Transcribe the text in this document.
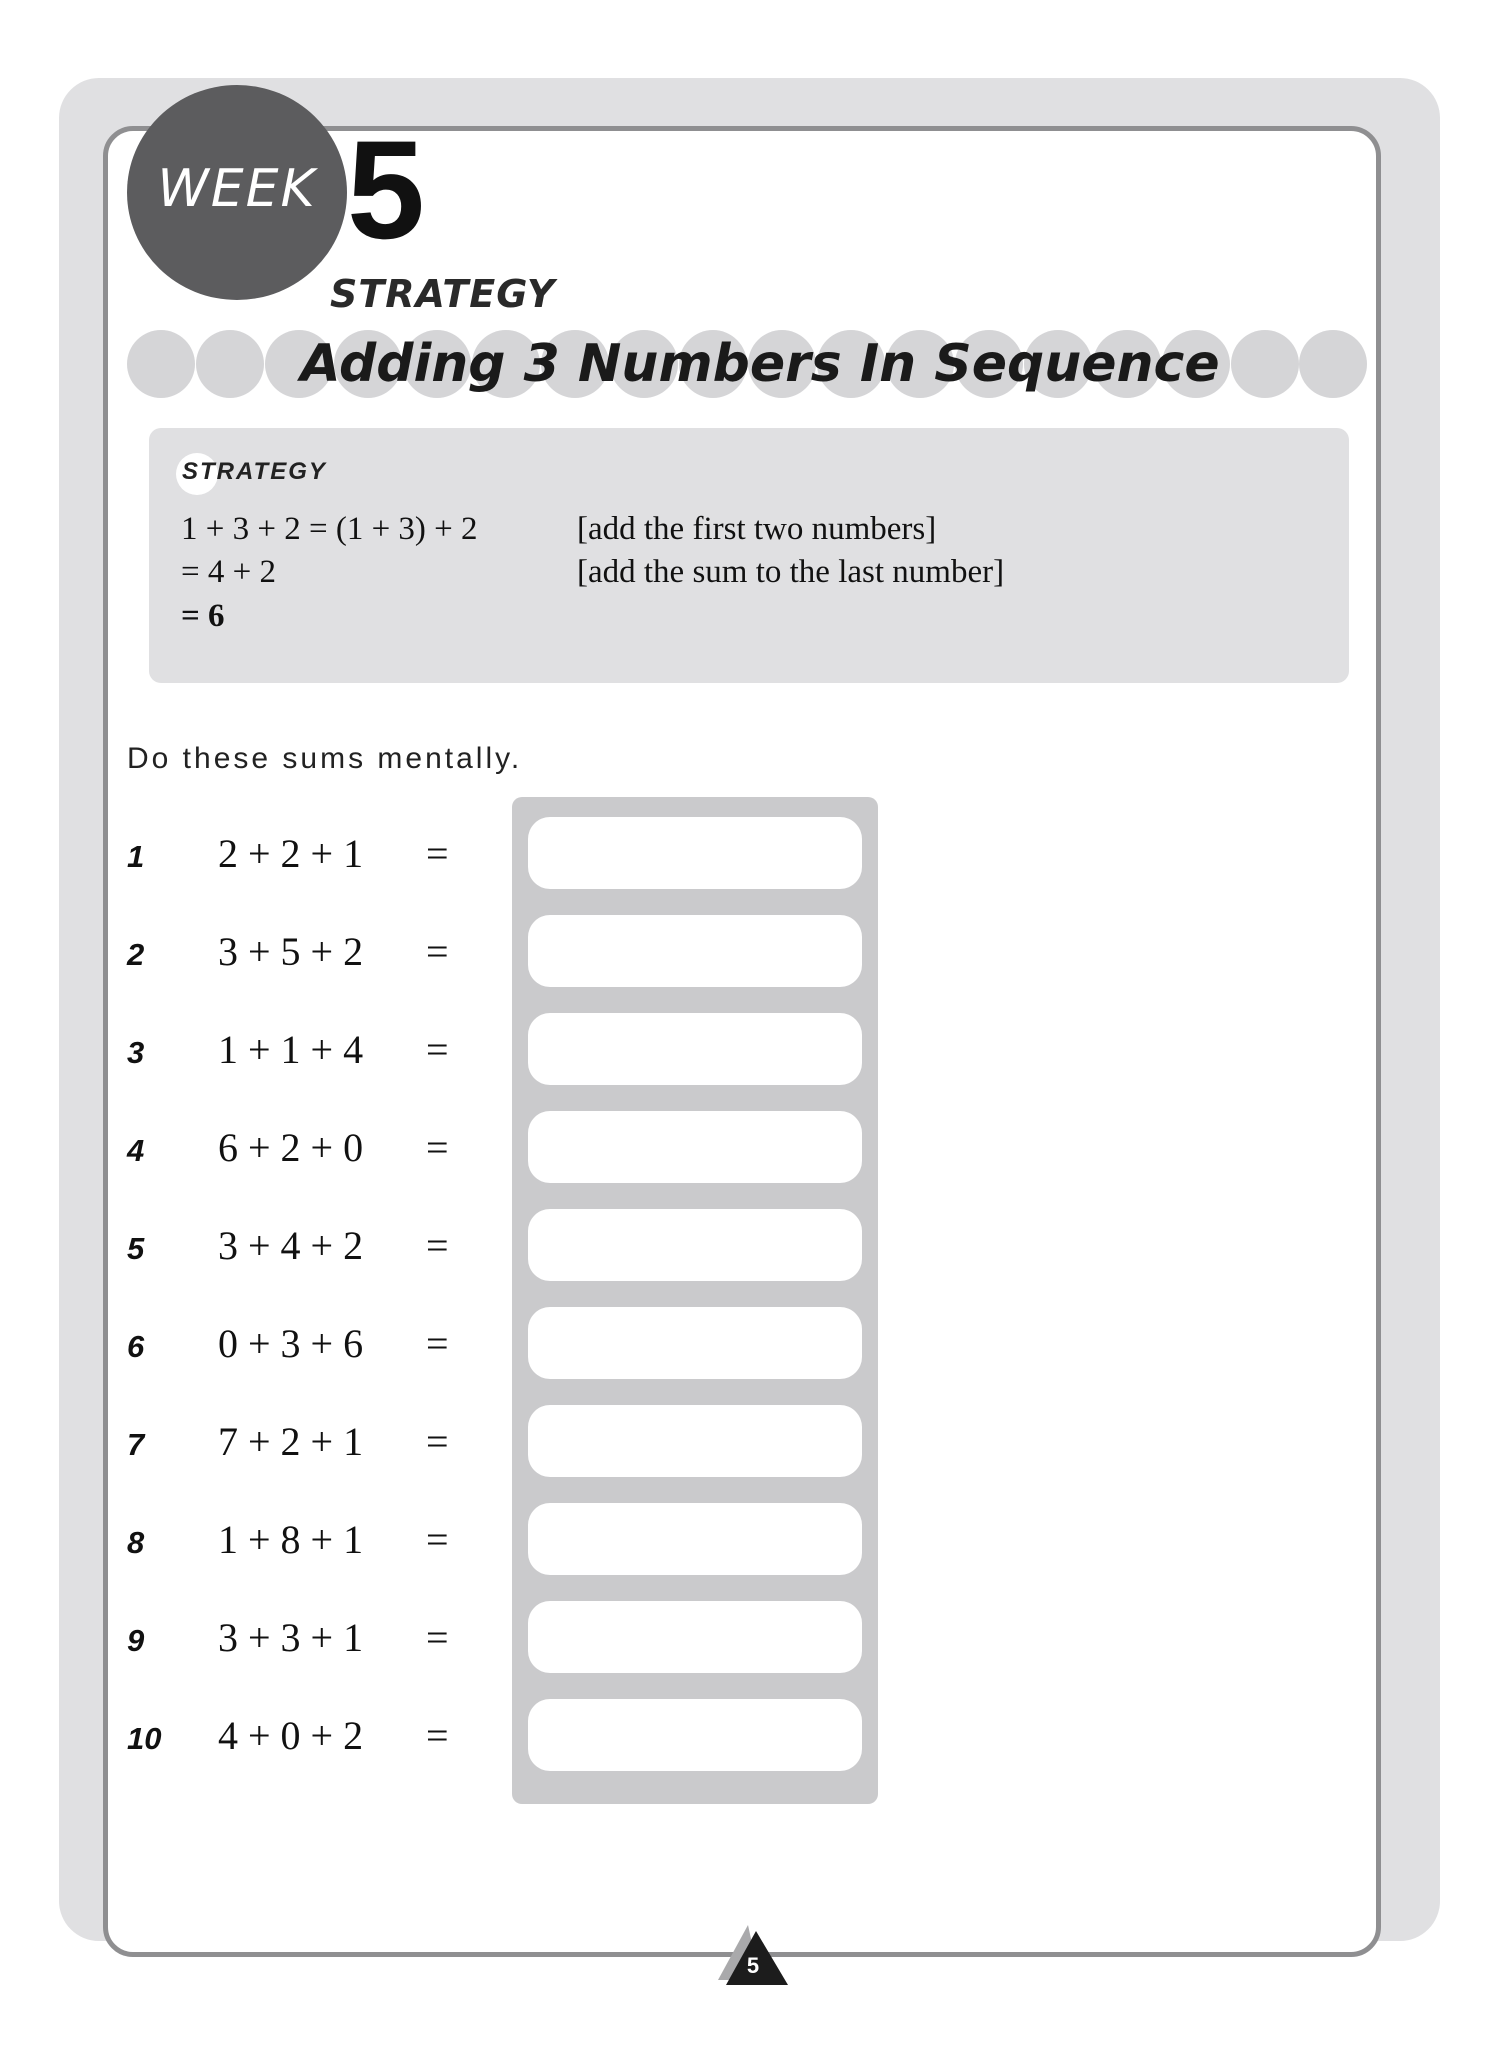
WEEK 5
STRATEGY
Adding 3 Numbers In Sequence
STRATEGY
1 + 3 + 2 = (1 + 3) + 2	[add the first two numbers]
= 4 + 2	[add the sum to the last number]
= 6
Do these sums mentally.
1 2 + 2 + 1 =
2 3 + 5 + 2 =
3 1 + 1 + 4 =
4 6 + 2 + 0 =
5 3 + 4 + 2 =
6 0 + 3 + 6 =
7 7 + 2 + 1 =
8 1 + 8 + 1 =
9 3 + 3 + 1 =
10 4 + 0 + 2 =
5
